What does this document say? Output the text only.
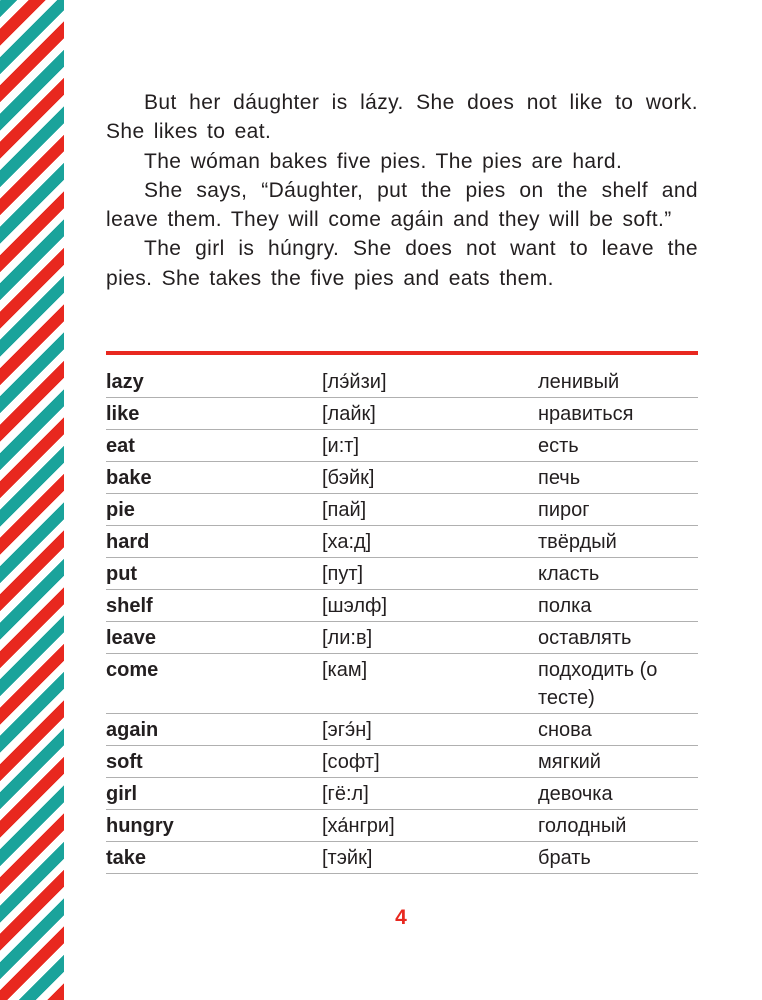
But her dáughter is lázy. She does not like to work. She likes to eat.

The wóman bakes five pies. The pies are hard.

She says, “Dáughter, put the pies on the shelf and leave them. They will come agáin and they will be soft.”

The girl is húngry. She does not want to leave the pies. She takes the five pies and eats them.

lazy	[лэ́йзи]	ленивый
like	[лайк]	нравиться
eat	[и:т]	есть
bake	[бэйк]	печь
pie	[пай]	пирог
hard	[ха:д]	твёрдый
put	[пут]	класть
shelf	[шэлф]	полка
leave	[ли:в]	оставлять
come	[кам]	подходить (о тесте)
again	[эгэ́н]	снова
soft	[софт]	мягкий
girl	[гё:л]	девочка
hungry	[ха́нгри]	голодный
take	[тэйк]	брать
4
